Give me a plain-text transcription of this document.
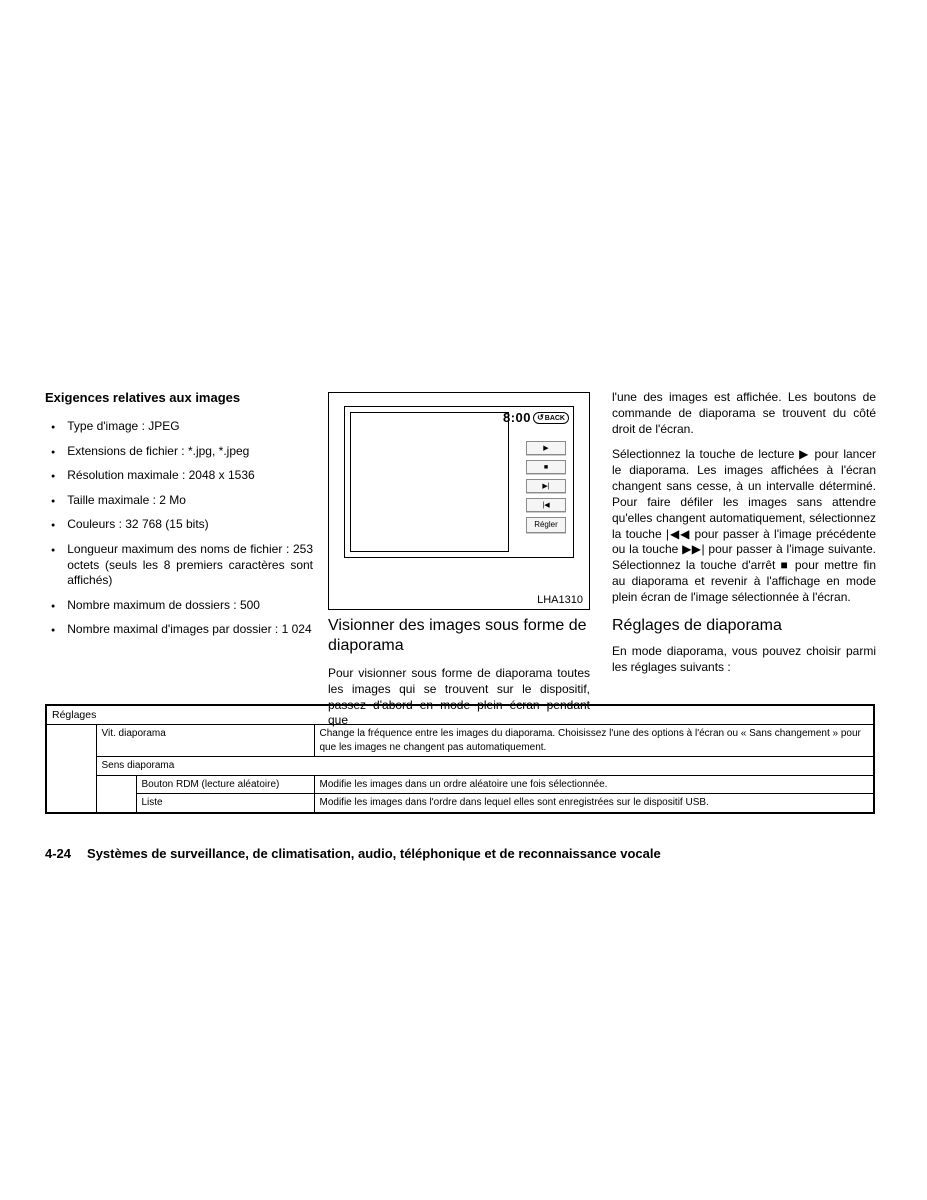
Exigences relatives aux images
● Type d'image : JPEG
● Extensions de fichier : *.jpg, *.jpeg
● Résolution maximale : 2048 x 1536
● Taille maximale : 2 Mo
● Couleurs : 32 768 (15 bits)
● Longueur maximum des noms de fichier : 253 octets (seuls les 8 premiers caractères sont affichés)
● Nombre maximum de dossiers : 500
● Nombre maximal d'images par dossier : 1 024
8:00 ↺ BACK
▶
■
▶|
|◀
Régler
LHA1310
Visionner des images sous forme de diaporama

Pour visionner sous forme de diaporama toutes les images qui se trouvent sur le dispositif, passez d'abord en mode plein écran pendant que

l'une des images est affichée. Les boutons de commande de diaporama se trouvent du côté droit de l'écran.

Sélectionnez la touche de lecture ▶ pour lancer le diaporama. Les images affichées à l'écran changent sans cesse, à un intervalle déterminé. Pour faire défiler les images sans attendre qu'elles changent automatiquement, sélectionnez la touche |◀◀ pour passer à l'image précédente ou la touche ▶▶| pour passer à l'image suivante. Sélectionnez la touche d'arrêt ■ pour mettre fin au diaporama et revenir à l'affichage en mode plein écran de l'image sélectionnée à l'écran.

Réglages de diaporama

En mode diaporama, vous pouvez choisir parmi les réglages suivants :

Réglages			
	Vit. diaporama		Change la fréquence entre les images du diaporama. Choisissez l'une des options à l'écran ou « Sans changement » pour que les images ne changent pas automatiquement.
	Sens diaporama		
		Bouton RDM (lecture aléatoire)	Modifie les images dans un ordre aléatoire une fois sélectionnée.
		Liste	Modifie les images dans l'ordre dans lequel elles sont enregistrées sur le dispositif USB.
4-24 Systèmes de surveillance, de climatisation, audio, téléphonique et de reconnaissance vocale
